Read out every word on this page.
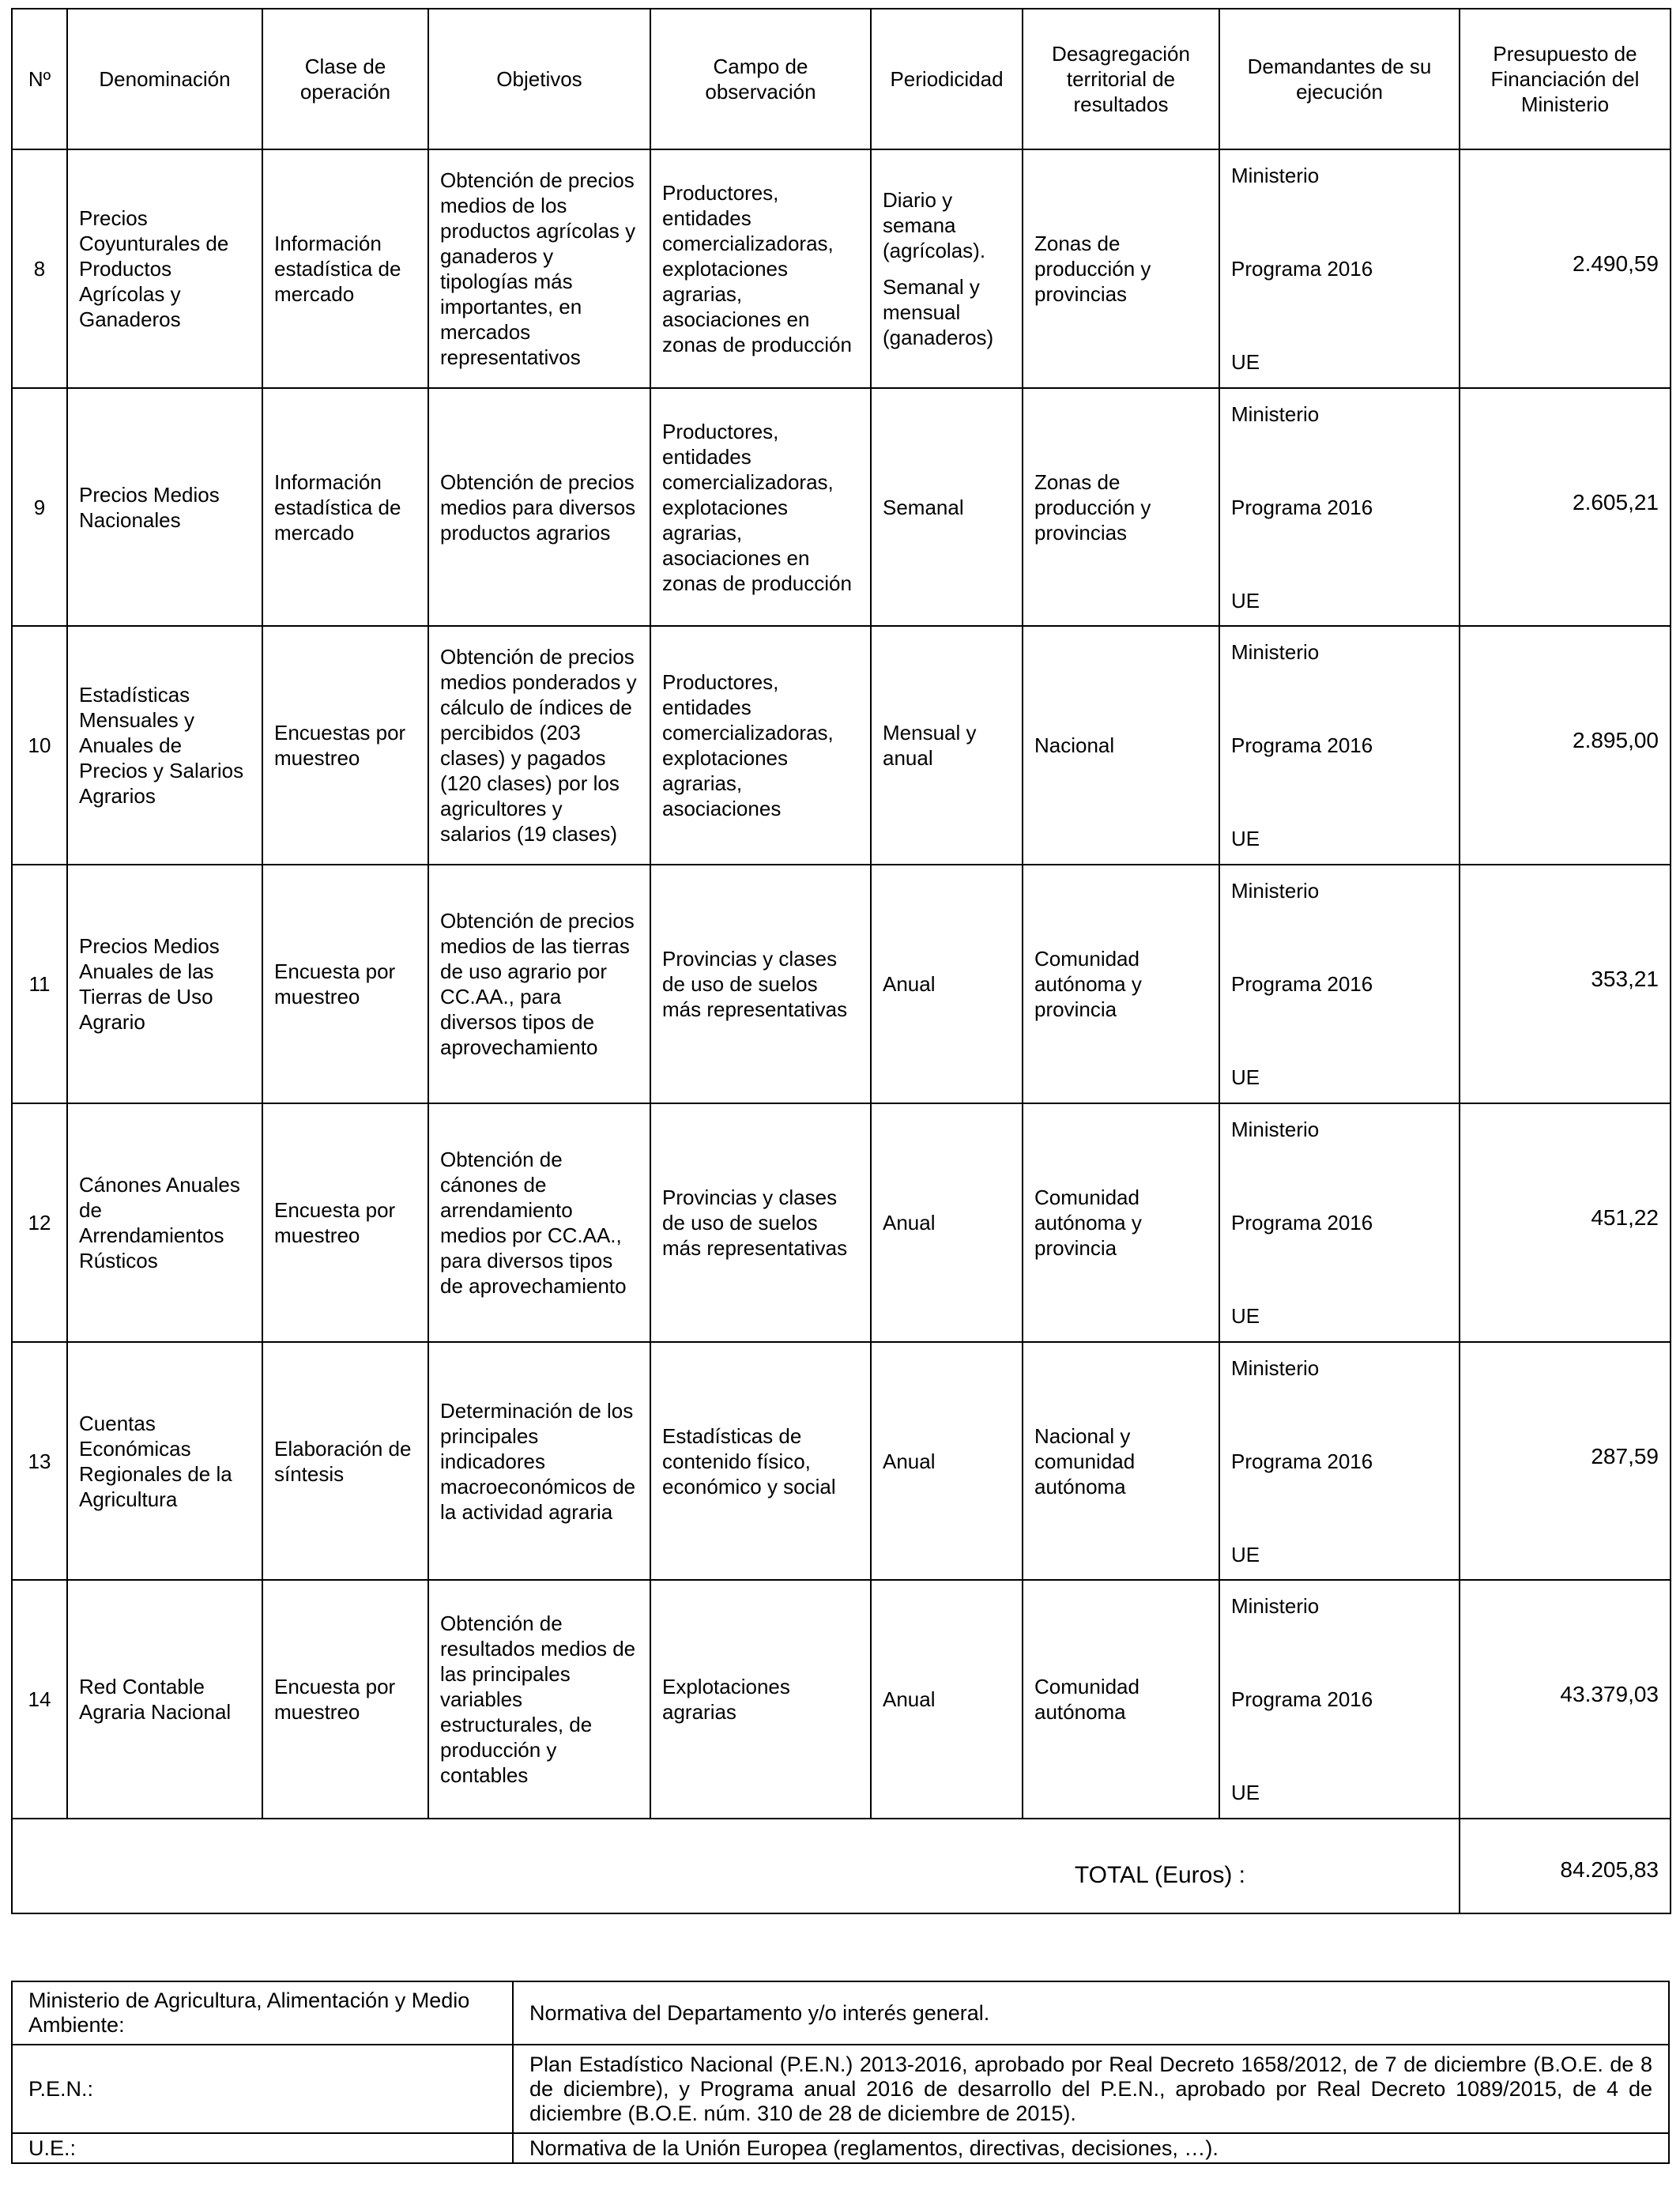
Nº	Denominación	Clase de operación	Objetivos	Campo de observación	Periodicidad	Desagregación territorial de resultados	Demandantes de su ejecución	Presupuesto de Financiación del Ministerio
8	Precios Coyunturales de Productos Agrícolas y Ganaderos	Información estadística de mercado	Obtención de precios medios de los productos agrícolas y ganaderos y tipologías más importantes, en mercados representativos	Productores, entidades comercializadoras, explotaciones agrarias, asociaciones en zonas de producción	Diario y semana (agrícolas).
Semanal y mensual (ganaderos)	Zonas de producción y provincias	Ministerio
Programa 2016
UE	2.490,59
9	Precios Medios Nacionales	Información estadística de mercado	Obtención de precios medios para diversos productos agrarios	Productores, entidades comercializadoras, explotaciones agrarias, asociaciones en zonas de producción	Semanal	Zonas de producción y provincias	Ministerio
Programa 2016
UE	2.605,21
10	Estadísticas Mensuales y Anuales de Precios y Salarios Agrarios	Encuestas por muestreo	Obtención de precios medios ponderados y cálculo de índices de percibidos (203 clases) y pagados (120 clases) por los agricultores y salarios (19 clases)	Productores, entidades comercializadoras, explotaciones agrarias, asociaciones	Mensual y anual	Nacional	Ministerio
Programa 2016
UE	2.895,00
11	Precios Medios Anuales de las Tierras de Uso Agrario	Encuesta por muestreo	Obtención de precios medios de las tierras de uso agrario por CC.AA., para diversos tipos de aprovechamiento	Provincias y clases de uso de suelos más representativas	Anual	Comunidad autónoma y provincia	Ministerio
Programa 2016
UE	353,21
12	Cánones Anuales de Arrendamientos Rústicos	Encuesta por muestreo	Obtención de cánones de arrendamiento medios por CC.AA., para diversos tipos de aprovechamiento	Provincias y clases de uso de suelos más representativas	Anual	Comunidad autónoma y provincia	Ministerio
Programa 2016
UE	451,22
13	Cuentas Económicas Regionales de la Agricultura	Elaboración de síntesis	Determinación de los principales indicadores macroeconómicos de la actividad agraria	Estadísticas de contenido físico, económico y social	Anual	Nacional y comunidad autónoma	Ministerio
Programa 2016
UE	287,59
14	Red Contable Agraria Nacional	Encuesta por muestreo	Obtención de resultados medios de las principales variables estructurales, de producción y contables	Explotaciones agrarias	Anual	Comunidad autónoma	Ministerio
Programa 2016
UE	43.379,03
TOTAL (Euros) :								84.205,83
Ministerio de Agricultura, Alimentación y Medio Ambiente:	Normativa del Departamento y/o interés general.
P.E.N.:	Plan Estadístico Nacional (P.E.N.) 2013-2016, aprobado por Real Decreto 1658/2012, de 7 de diciembre (B.O.E. de 8 de diciembre), y Programa anual 2016 de desarrollo del P.E.N., aprobado por Real Decreto 1089/2015, de 4 de diciembre (B.O.E. núm. 310 de 28 de diciembre de 2015).
U.E.:	Normativa de la Unión Europea (reglamentos, directivas, decisiones, …).
